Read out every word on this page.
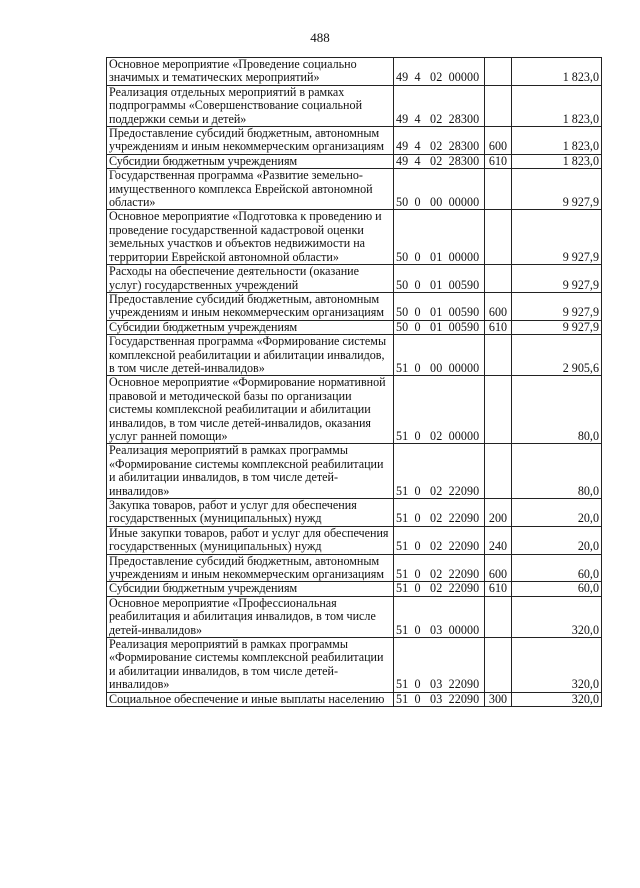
488
Основное мероприятие «Проведение социально значимых и тематических мероприятий»	49  4   02  00000		1 823,0
Реализация отдельных мероприятий в рамках подпрограммы «Совершенствование социальной поддержки семьи и детей»	49  4   02  28300		1 823,0
Предоставление субсидий бюджетным, автономным учреждениям и иным некоммерческим организациям	49  4   02  28300	600	1 823,0
Субсидии бюджетным учреждениям	49  4   02  28300	610	1 823,0
Государственная программа «Развитие земельно-имущественного комплекса Еврейской автономной области»	50  0   00  00000		9 927,9
Основное мероприятие «Подготовка к проведению и проведение государственной кадастровой оценки земельных участков и объектов недвижимости на территории Еврейской автономной области»	50  0   01  00000		9 927,9
Расходы на обеспечение деятельности (оказание услуг) государственных учреждений	50  0   01  00590		9 927,9
Предоставление субсидий бюджетным, автономным учреждениям и иным некоммерческим организациям	50  0   01  00590	600	9 927,9
Субсидии бюджетным учреждениям	50  0   01  00590	610	9 927,9
Государственная программа «Формирование системы комплексной реабилитации и абилитации инвалидов, в том числе детей-инвалидов»	51  0   00  00000		2 905,6
Основное мероприятие «Формирование нормативной правовой и методической базы по организации системы комплексной реабилитации и абилитации инвалидов, в том числе детей-инвалидов, оказания услуг ранней помощи»	51  0   02  00000		80,0
Реализация мероприятий в рамках программы «Формирование системы комплексной реабилитации и абилитации инвалидов, в том числе детей-инвалидов»	51  0   02  22090		80,0
Закупка товаров, работ и услуг для обеспечения государственных (муниципальных) нужд	51  0   02  22090	200	20,0
Иные закупки товаров, работ и услуг для обеспечения государственных (муниципальных) нужд	51  0   02  22090	240	20,0
Предоставление субсидий бюджетным, автономным учреждениям и иным некоммерческим организациям	51  0   02  22090	600	60,0
Субсидии бюджетным учреждениям	51  0   02  22090	610	60,0
Основное мероприятие «Профессиональная реабилитация и абилитация инвалидов, в том числе детей-инвалидов»	51  0   03  00000		320,0
Реализация мероприятий в рамках программы «Формирование системы комплексной реабилитации и абилитации инвалидов, в том числе детей-инвалидов»	51  0   03  22090		320,0
Социальное обеспечение и иные выплаты населению	51  0   03  22090	300	320,0
